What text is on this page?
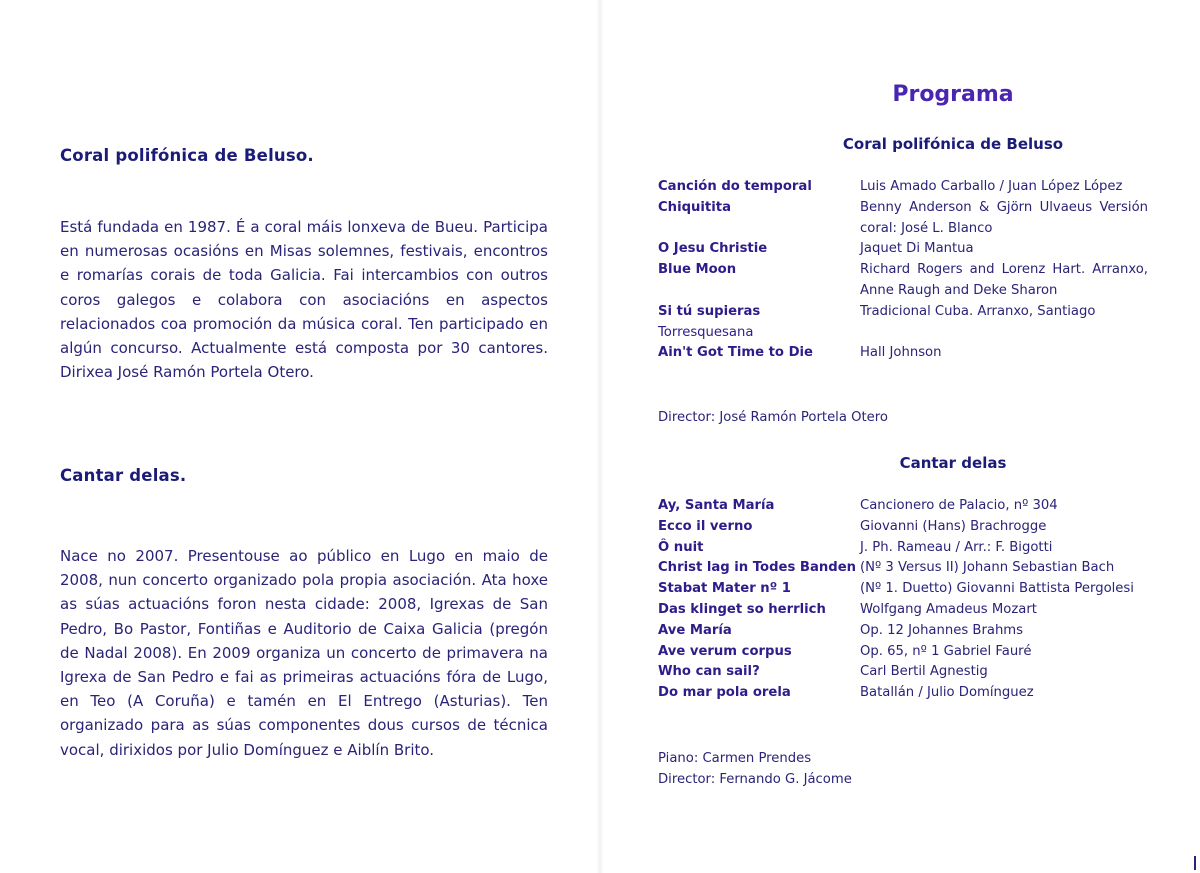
Coral polifónica de Beluso.

Está fundada en 1987. É a coral máis lonxeva de Bueu. Participa en numerosas ocasións en Misas solemnes, festivais, encontros e romarías corais de toda Galicia. Fai intercambios con outros coros galegos e colabora con asociacións en aspectos relacionados coa promoción da música coral. Ten participado en algún concurso. Actualmente está composta por 30 cantores. Dirixea José Ramón Portela Otero.

Cantar delas.

Nace no 2007. Presentouse ao público en Lugo en maio de 2008, nun concerto organizado pola propia asociación. Ata hoxe as súas actuacións foron nesta cidade: 2008, Igrexas de San Pedro, Bo Pastor, Fontiñas e Auditorio de Caixa Galicia (pregón de Nadal 2008). En 2009 organiza un concerto de primavera na Igrexa de San Pedro e fai as primeiras actuacións fóra de Lugo, en Teo (A Coruña) e tamén en El Entrego (Asturias). Ten organizado para as súas componentes dous cursos de técnica vocal, dirixidos por Julio Domínguez e Aiblín Brito.

Programa
Coral polifónica de Beluso
Canción do temporal	Luis Amado Carballo / Juan López López
Chiquitita	Benny Anderson & Gjörn Ulvaeus Versión coral: José L. Blanco
O Jesu Christie	Jaquet Di Mantua
Blue Moon	Richard Rogers and Lorenz Hart. Arranxo, Anne Raugh and Deke Sharon
Si tú supieras	Tradicional Cuba. Arranxo, Santiago
Torresquesana	
Ain't Got Time to Die	Hall Johnson

Director: José Ramón Portela Otero

Cantar delas
Ay, Santa María	Cancionero de Palacio, nº 304
Ecco il verno	Giovanni (Hans) Brachrogge
Ô nuit	J. Ph. Rameau / Arr.: F. Bigotti
Christ lag in Todes Banden	(Nº 3 Versus II) Johann Sebastian Bach
Stabat Mater nº 1	(Nº 1. Duetto) Giovanni Battista Pergolesi
Das klinget so herrlich	Wolfgang Amadeus Mozart
Ave María	Op. 12 Johannes Brahms
Ave verum corpus	Op. 65, nº 1 Gabriel Fauré
Who can sail?	Carl Bertil Agnestig
Do mar pola orela	Batallán / Julio Domínguez

Piano: Carmen Prendes

Director: Fernando G. Jácome
